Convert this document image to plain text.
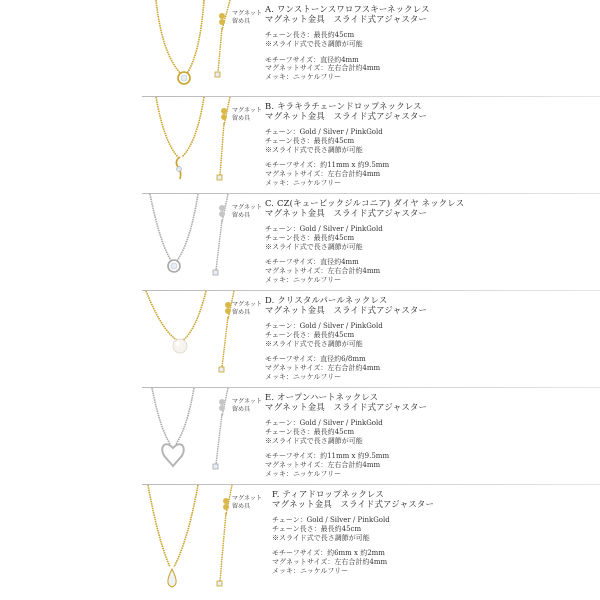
マグネット
留め具
A. ワンストーンスワロフスキーネックレス
マグネット金具　スライド式アジャスター
チェーン長さ：最長約45cm
※スライド式で長さ調節が可能
モチーフサイズ：直径約4mm
マグネットサイズ：左右合計約4mm
メッキ：ニッケルフリー
マグネット
留め具
B. キラキラチェーンドロップネックレス
マグネット金具　スライド式アジャスター
チェーン：Gold / Silver / PinkGold
チェーン長さ：最長約45cm
※スライド式で長さ調節が可能
モチーフサイズ：約11mm x 約9.5mm
マグネットサイズ：左右合計約4mm
メッキ：ニッケルフリー
マグネット
留め具
C. CZ(キュービックジルコニア) ダイヤ ネックレス
マグネット金具　スライド式アジャスター
チェーン：Gold / Silver / PinkGold
チェーン長さ：最長約45cm
※スライド式で長さ調節が可能
モチーフサイズ：直径約4mm
マグネットサイズ：左右合計約4mm
メッキ：ニッケルフリー
マグネット
留め具
D. クリスタルパールネックレス
マグネット金具　スライド式アジャスター
チェーン：Gold / Silver / PinkGold
チェーン長さ：最長約45cm
※スライド式で長さ調節が可能
モチーフサイズ：直径約6/8mm
マグネットサイズ：左右合計約4mm
メッキ：ニッケルフリー
マグネット
留め具
E. オープンハートネックレス
マグネット金具　スライド式アジャスター
チェーン：Gold / Silver / PinkGold
チェーン長さ：最長約45cm
※スライド式で長さ調節が可能
モチーフサイズ：約11mm x 約9.5mm
マグネットサイズ：左右合計約4mm
メッキ：ニッケルフリー
マグネット
留め具
F. ティアドロップネックレス
マグネット金具　スライド式アジャスター
チェーン：Gold / Silver / PinkGold
チェーン長さ：最長約45cm
※スライド式で長さ調節が可能
モチーフサイズ：約6mm x 約2mm
マグネットサイズ：左右合計約4mm
メッキ：ニッケルフリー
